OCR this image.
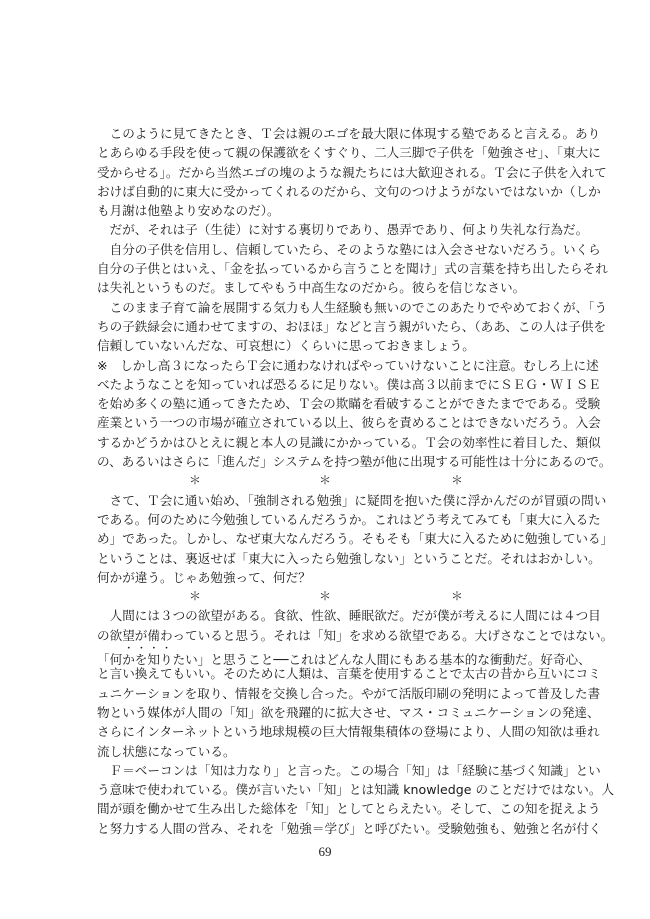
　このように見てきたとき、Ｔ会は親のエゴを最大限に体現する塾であると言える。あり
とあらゆる手段を使って親の保護欲をくすぐり、二人三脚で子供を「勉強させ」、「東大に
受からせる」。だから当然エゴの塊のような親たちには大歓迎される。Ｔ会に子供を入れて
おけば自動的に東大に受かってくれるのだから、文句のつけようがないではないか（しか
も月謝は他塾より安めなのだ）。
　だが、それは子（生徒）に対する裏切りであり、愚弄であり、何より失礼な行為だ。
　自分の子供を信用し、信頼していたら、そのような塾には入会させないだろう。いくら
自分の子供とはいえ、「金を払っているから言うことを聞け」式の言葉を持ち出したらそれ
は失礼というものだ。ましてやもう中高生なのだから。彼らを信じなさい。
　このまま子育て論を展開する気力も人生経験も無いのでこのあたりでやめておくが、「う
ちの子鉄緑会に通わせてますの、おほほ」などと言う親がいたら、（ああ、この人は子供を
信頼していないんだな、可哀想に）くらいに思っておきましょう。
※　しかし高３になったらＴ会に通わなければやっていけないことに注意。むしろ上に述
べたようなことを知っていれば恐るるに足りない。僕は高３以前までにＳＥＧ・ＷＩＳＥ
を始め多くの塾に通ってきたため、Ｔ会の欺瞞を看破することができたまでである。受験
産業という一つの市場が確立されている以上、彼らを責めることはできないだろう。入会
するかどうかはひとえに親と本人の見識にかかっている。Ｔ会の効率性に着目した、類似
の、あるいはさらに「進んだ」システムを持つ塾が他に出現する可能性は十分にあるので。
＊	＊	＊
　さて、Ｔ会に通い始め、「強制される勉強」に疑問を抱いた僕に浮かんだのが冒頭の問い
である。何のために今勉強しているんだろうか。これはどう考えてみても「東大に入るた
め」であった。しかし、なぜ東大なんだろう。そもそも「東大に入るために勉強している」
ということは、裏返せば「東大に入ったら勉強しない」ということだ。それはおかしい。
何かが違う。じゃあ勉強って、何だ？
＊	＊	＊
　人間には３つの欲望がある。食欲、性欲、睡眠欲だ。だが僕が考えるに人間には４つ目
の欲望が備わっていると思う。それは「知」を求める欲望である。大げさなことではない。
「何かを知りたい」と思うこと──これはどんな人間にもある基本的な衝動だ。好奇心、
と言い換えてもいい。そのために人類は、言葉を使用することで太古の昔から互いにコミ
ュニケーションを取り、情報を交換し合った。やがて活版印刷の発明によって普及した書
物という媒体が人間の「知」欲を飛躍的に拡大させ、マス・コミュニケーションの発達、
さらにインターネットという地球規模の巨大情報集積体の登場により、人間の知欲は垂れ
流し状態になっている。
　Ｆ＝ベーコンは「知は力なり」と言った。この場合「知」は「経験に基づく知識」とい
う意味で使われている。僕が言いたい「知」とは知識 knowledge のことだけではない。人
間が頭を働かせて生み出した総体を「知」としてとらえたい。そして、この知を捉えよう
と努力する人間の営み、それを「勉強＝学び」と呼びたい。受験勉強も、勉強と名が付く
69
